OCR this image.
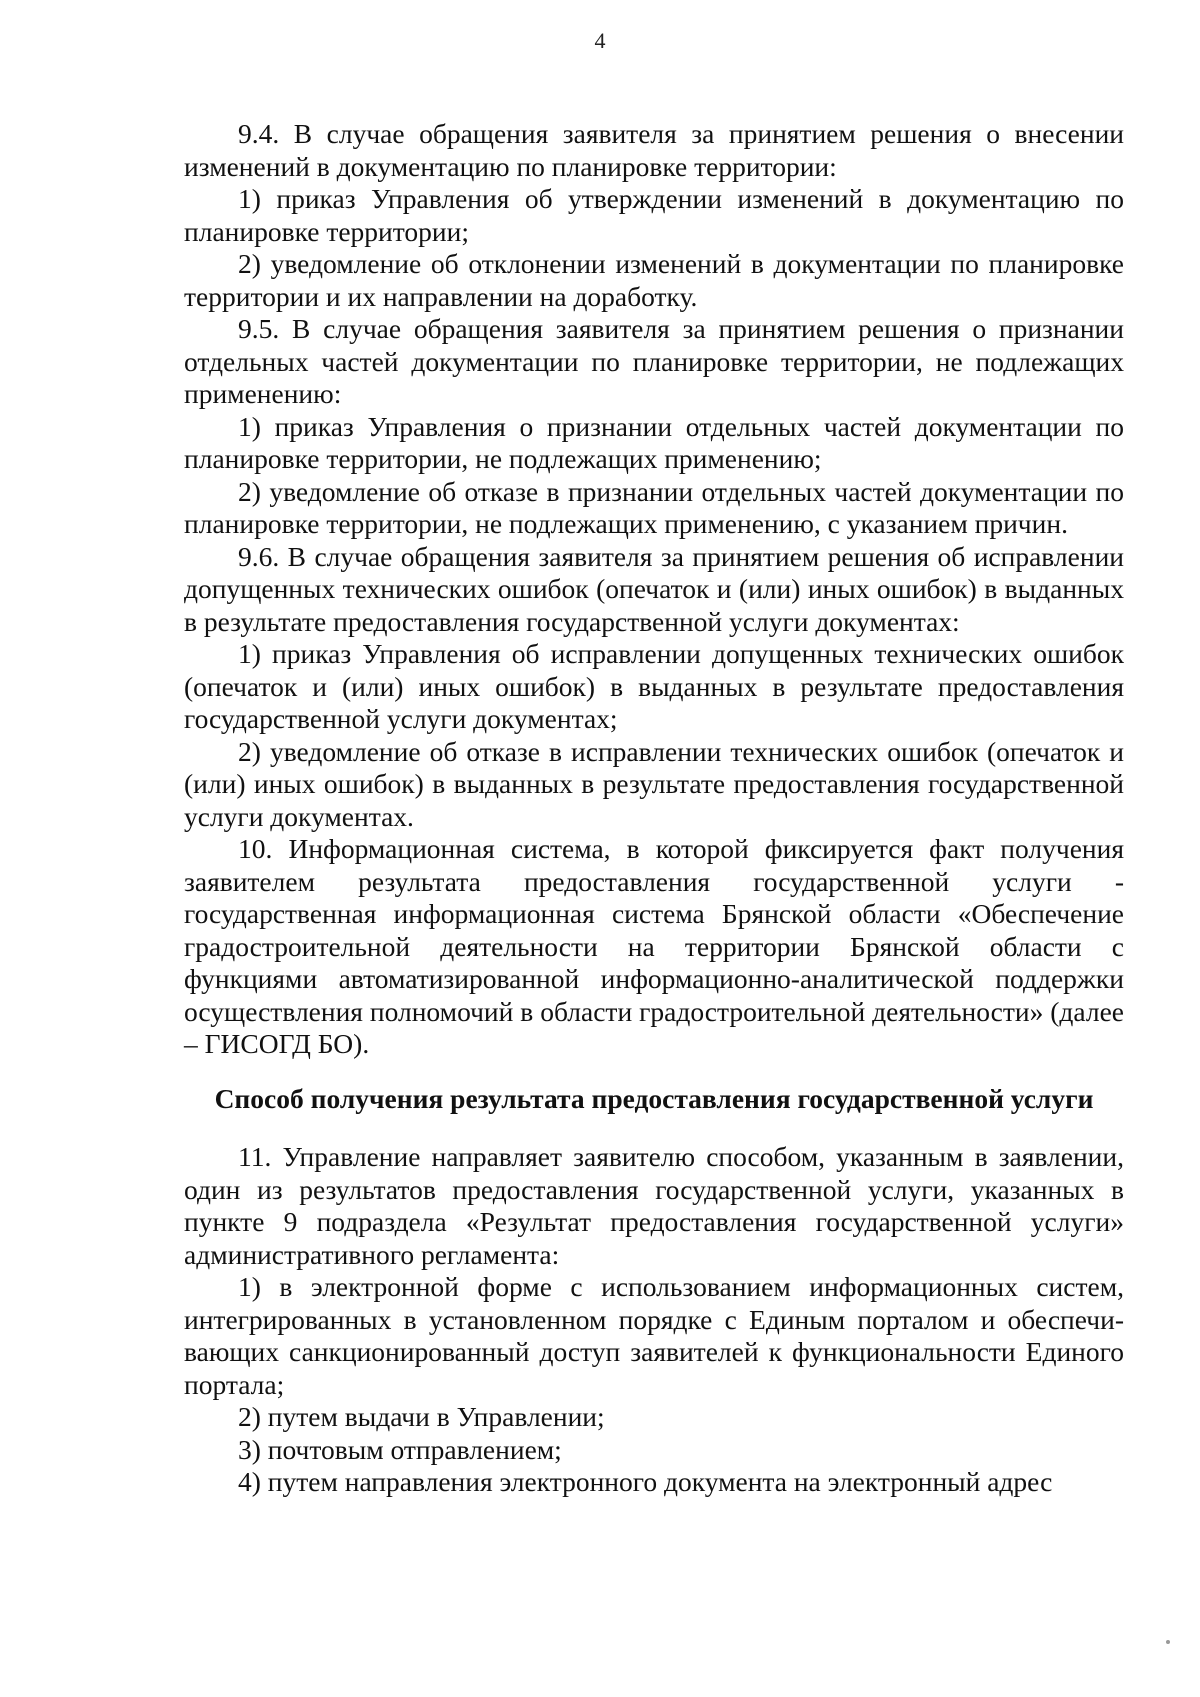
4

9.4. В случае обращения заявителя за принятием решения о внесении изменений в документацию по планировке территории:

1) приказ Управления об утверждении изменений в документацию по планировке территории;

2) уведомление об отклонении изменений в документации по планировке территории и их направлении на доработку.

9.5. В случае обращения заявителя за принятием решения о признании отдельных частей документации по планировке территории, не подлежащих применению:

1) приказ Управления о признании отдельных частей документации по планировке территории, не подлежащих применению;

2) уведомление об отказе в признании отдельных частей документации по планировке территории, не подлежащих применению, с указанием причин.

9.6. В случае обращения заявителя за принятием решения об исправлении допущенных технических ошибок (опечаток и (или) иных ошибок) в выданных в результате предоставления государственной услуги документах:

1) приказ Управления об исправлении допущенных технических ошибок (опечаток и (или) иных ошибок) в выданных в результате предоставления государственной услуги документах;

2) уведомление об отказе в исправлении технических ошибок (опечаток и (или) иных ошибок) в выданных в результате предоставления государственной услуги документах.

10. Информационная система, в которой фиксируется факт получения заявителем результата предоставления государственной услуги - государственная информационная система Брянской области «Обеспечение градостроительной деятельности на территории Брянской области с функциями автоматизированной информационно-аналитической поддержки осуществления полномочий в области градостроительной деятельности» (далее – ГИСОГД БО).

Способ получения результата предоставления государственной услуги

11. Управление направляет заявителю способом, указанным в заявлении, один из результатов предоставления государственной услуги, указанных в пункте 9 подраздела «Результат предоставления государственной услуги» административного регламента:

1) в электронной форме с использованием информационных систем, интегрированных в установленном порядке с Единым порталом и обеспечивающих санкционированный доступ заявителей к функциональности Единого портала;

2) путем выдачи в Управлении;

3) почтовым отправлением;

4) путем направления электронного документа на электронный адрес
